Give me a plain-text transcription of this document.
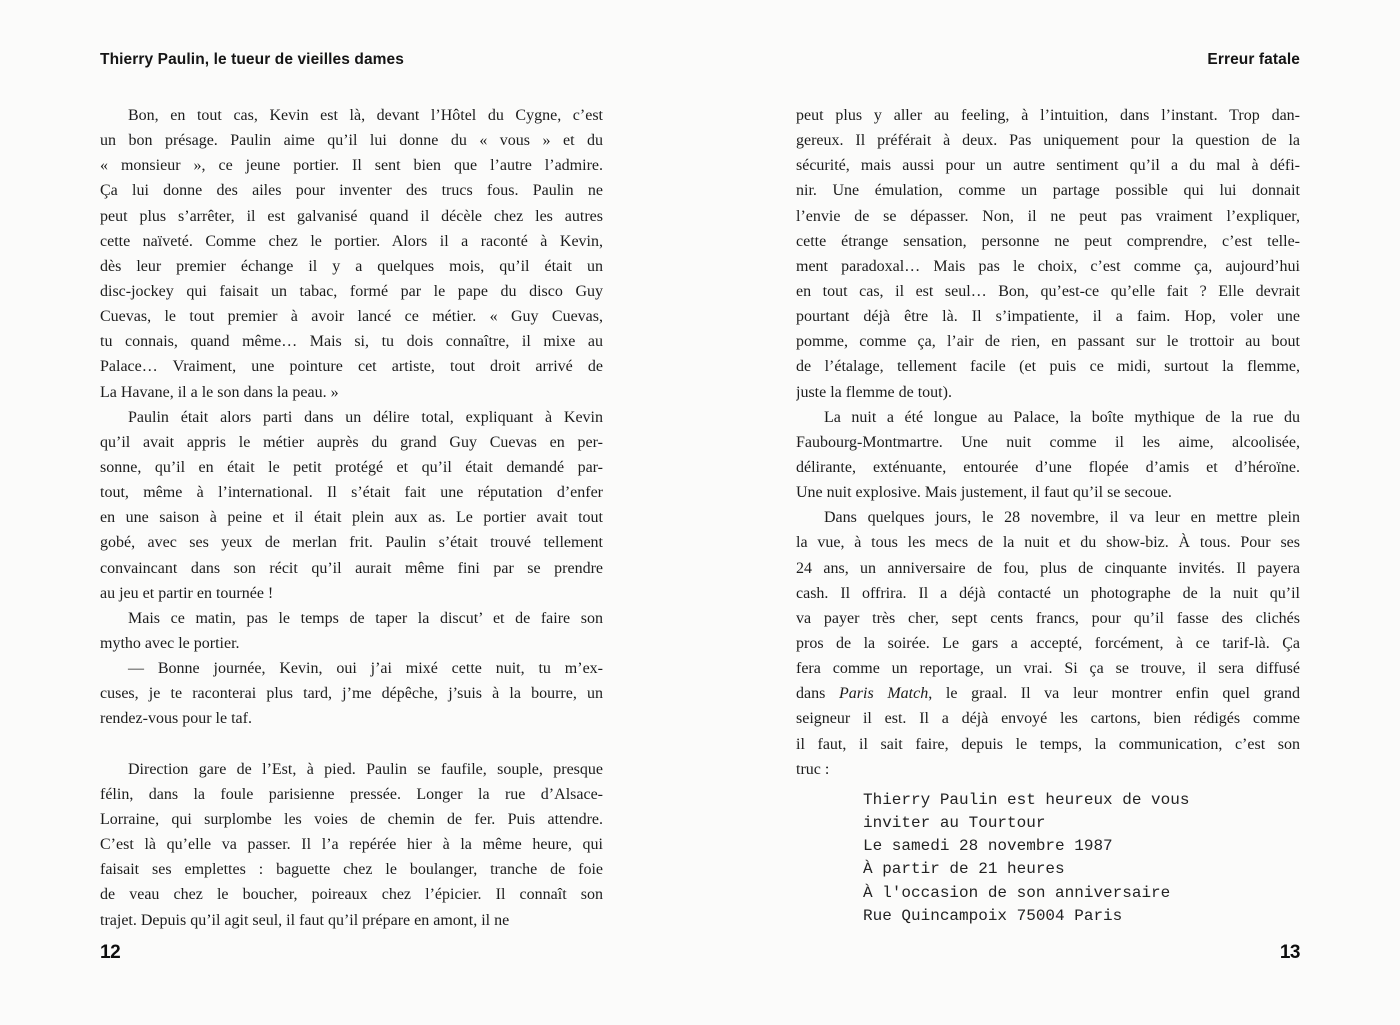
Thierry Paulin, le tueur de vieilles dames
Bon, en tout cas, Kevin est là, devant l’Hôtel du Cygne, c’est
un bon présage. Paulin aime qu’il lui donne du « vous » et du
« monsieur », ce jeune portier. Il sent bien que l’autre l’admire.
Ça lui donne des ailes pour inventer des trucs fous. Paulin ne
peut plus s’arrêter, il est galvanisé quand il décèle chez les autres
cette naïveté. Comme chez le portier. Alors il a raconté à Kevin,
dès leur premier échange il y a quelques mois, qu’il était un
disc-jockey qui faisait un tabac, formé par le pape du disco Guy
Cuevas, le tout premier à avoir lancé ce métier. « Guy Cuevas,
tu connais, quand même… Mais si, tu dois connaître, il mixe au
Palace… Vraiment, une pointure cet artiste, tout droit arrivé de
La Havane, il a le son dans la peau. »
Paulin était alors parti dans un délire total, expliquant à Kevin
qu’il avait appris le métier auprès du grand Guy Cuevas en per-
sonne, qu’il en était le petit protégé et qu’il était demandé par-
tout, même à l’international. Il s’était fait une réputation d’enfer
en une saison à peine et il était plein aux as. Le portier avait tout
gobé, avec ses yeux de merlan frit. Paulin s’était trouvé tellement
convaincant dans son récit qu’il aurait même fini par se prendre
au jeu et partir en tournée !
Mais ce matin, pas le temps de taper la discut’ et de faire son
mytho avec le portier.
— Bonne journée, Kevin, oui j’ai mixé cette nuit, tu m’ex-
cuses, je te raconterai plus tard, j’me dépêche, j’suis à la bourre, un
rendez-vous pour le taf.
Direction gare de l’Est, à pied. Paulin se faufile, souple, presque
félin, dans la foule parisienne pressée. Longer la rue d’Alsace-
Lorraine, qui surplombe les voies de chemin de fer. Puis attendre.
C’est là qu’elle va passer. Il l’a repérée hier à la même heure, qui
faisait ses emplettes : baguette chez le boulanger, tranche de foie
de veau chez le boucher, poireaux chez l’épicier. Il connaît son
trajet. Depuis qu’il agit seul, il faut qu’il prépare en amont, il ne
12
Erreur fatale
peut plus y aller au feeling, à l’intuition, dans l’instant. Trop dan-
gereux. Il préférait à deux. Pas uniquement pour la question de la
sécurité, mais aussi pour un autre sentiment qu’il a du mal à défi-
nir. Une émulation, comme un partage possible qui lui donnait
l’envie de se dépasser. Non, il ne peut pas vraiment l’expliquer,
cette étrange sensation, personne ne peut comprendre, c’est telle-
ment paradoxal… Mais pas le choix, c’est comme ça, aujourd’hui
en tout cas, il est seul… Bon, qu’est-ce qu’elle fait ? Elle devrait
pourtant déjà être là. Il s’impatiente, il a faim. Hop, voler une
pomme, comme ça, l’air de rien, en passant sur le trottoir au bout
de l’étalage, tellement facile (et puis ce midi, surtout la flemme,
juste la flemme de tout).
La nuit a été longue au Palace, la boîte mythique de la rue du
Faubourg-Montmartre. Une nuit comme il les aime, alcoolisée,
délirante, exténuante, entourée d’une flopée d’amis et d’héroïne.
Une nuit explosive. Mais justement, il faut qu’il se secoue.
Dans quelques jours, le 28 novembre, il va leur en mettre plein
la vue, à tous les mecs de la nuit et du show-biz. À tous. Pour ses
24 ans, un anniversaire de fou, plus de cinquante invités. Il payera
cash. Il offrira. Il a déjà contacté un photographe de la nuit qu’il
va payer très cher, sept cents francs, pour qu’il fasse des clichés
pros de la soirée. Le gars a accepté, forcément, à ce tarif-là. Ça
fera comme un reportage, un vrai. Si ça se trouve, il sera diffusé
dans Paris Match, le graal. Il va leur montrer enfin quel grand
seigneur il est. Il a déjà envoyé les cartons, bien rédigés comme
il faut, il sait faire, depuis le temps, la communication, c’est son
truc :
Thierry Paulin est heureux de vous
inviter au Tourtour
Le samedi 28 novembre 1987
À partir de 21 heures
À l'occasion de son anniversaire
Rue Quincampoix 75004 Paris
13
